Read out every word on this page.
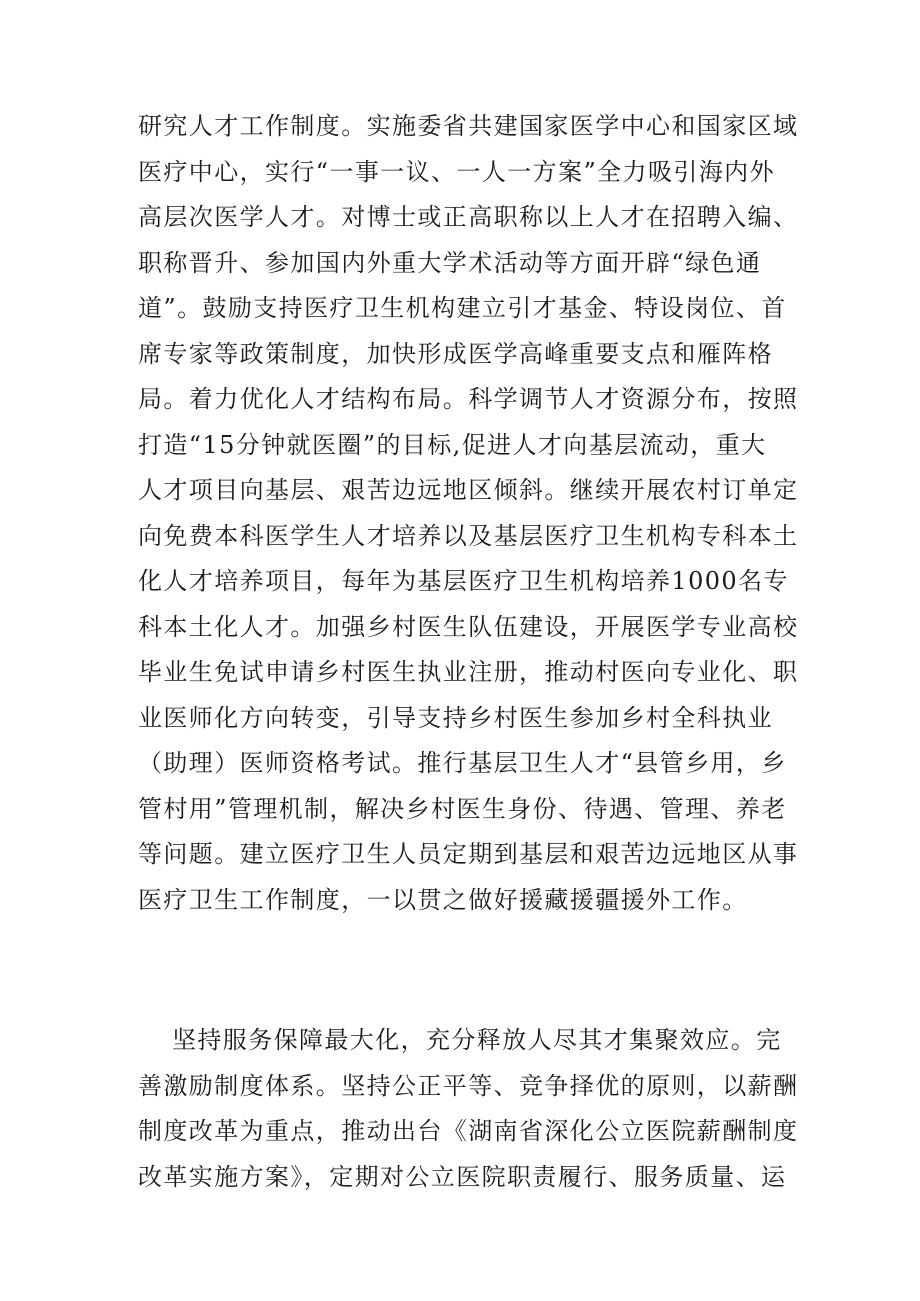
研究人才工作制度。实施委省共建国家医学中心和国家区域
医疗中心，实行“一事一议、一人一方案”全力吸引海内外
高层次医学人才。对博士或正高职称以上人才在招聘入编、
职称晋升、参加国内外重大学术活动等方面开辟“绿色通
道”。鼓励支持医疗卫生机构建立引才基金、特设岗位、首
席专家等政策制度，加快形成医学高峰重要支点和雁阵格
局。着力优化人才结构布局。科学调节人才资源分布，按照
打造“15分钟就医圈”的目标,促进人才向基层流动，重大
人才项目向基层、艰苦边远地区倾斜。继续开展农村订单定
向免费本科医学生人才培养以及基层医疗卫生机构专科本土
化人才培养项目，每年为基层医疗卫生机构培养1000名专
科本土化人才。加强乡村医生队伍建设，开展医学专业高校
毕业生免试申请乡村医生执业注册，推动村医向专业化、职
业医师化方向转变，引导支持乡村医生参加乡村全科执业
（助理）医师资格考试。推行基层卫生人才“县管乡用，乡
管村用”管理机制，解决乡村医生身份、待遇、管理、养老
等问题。建立医疗卫生人员定期到基层和艰苦边远地区从事
医疗卫生工作制度，一以贯之做好援藏援疆援外工作。
坚持服务保障最大化，充分释放人尽其才集聚效应。完
善激励制度体系。坚持公正平等、竞争择优的原则，以薪酬
制度改革为重点，推动出台《湖南省深化公立医院薪酬制度
改革实施方案》，定期对公立医院职责履行、服务质量、运
